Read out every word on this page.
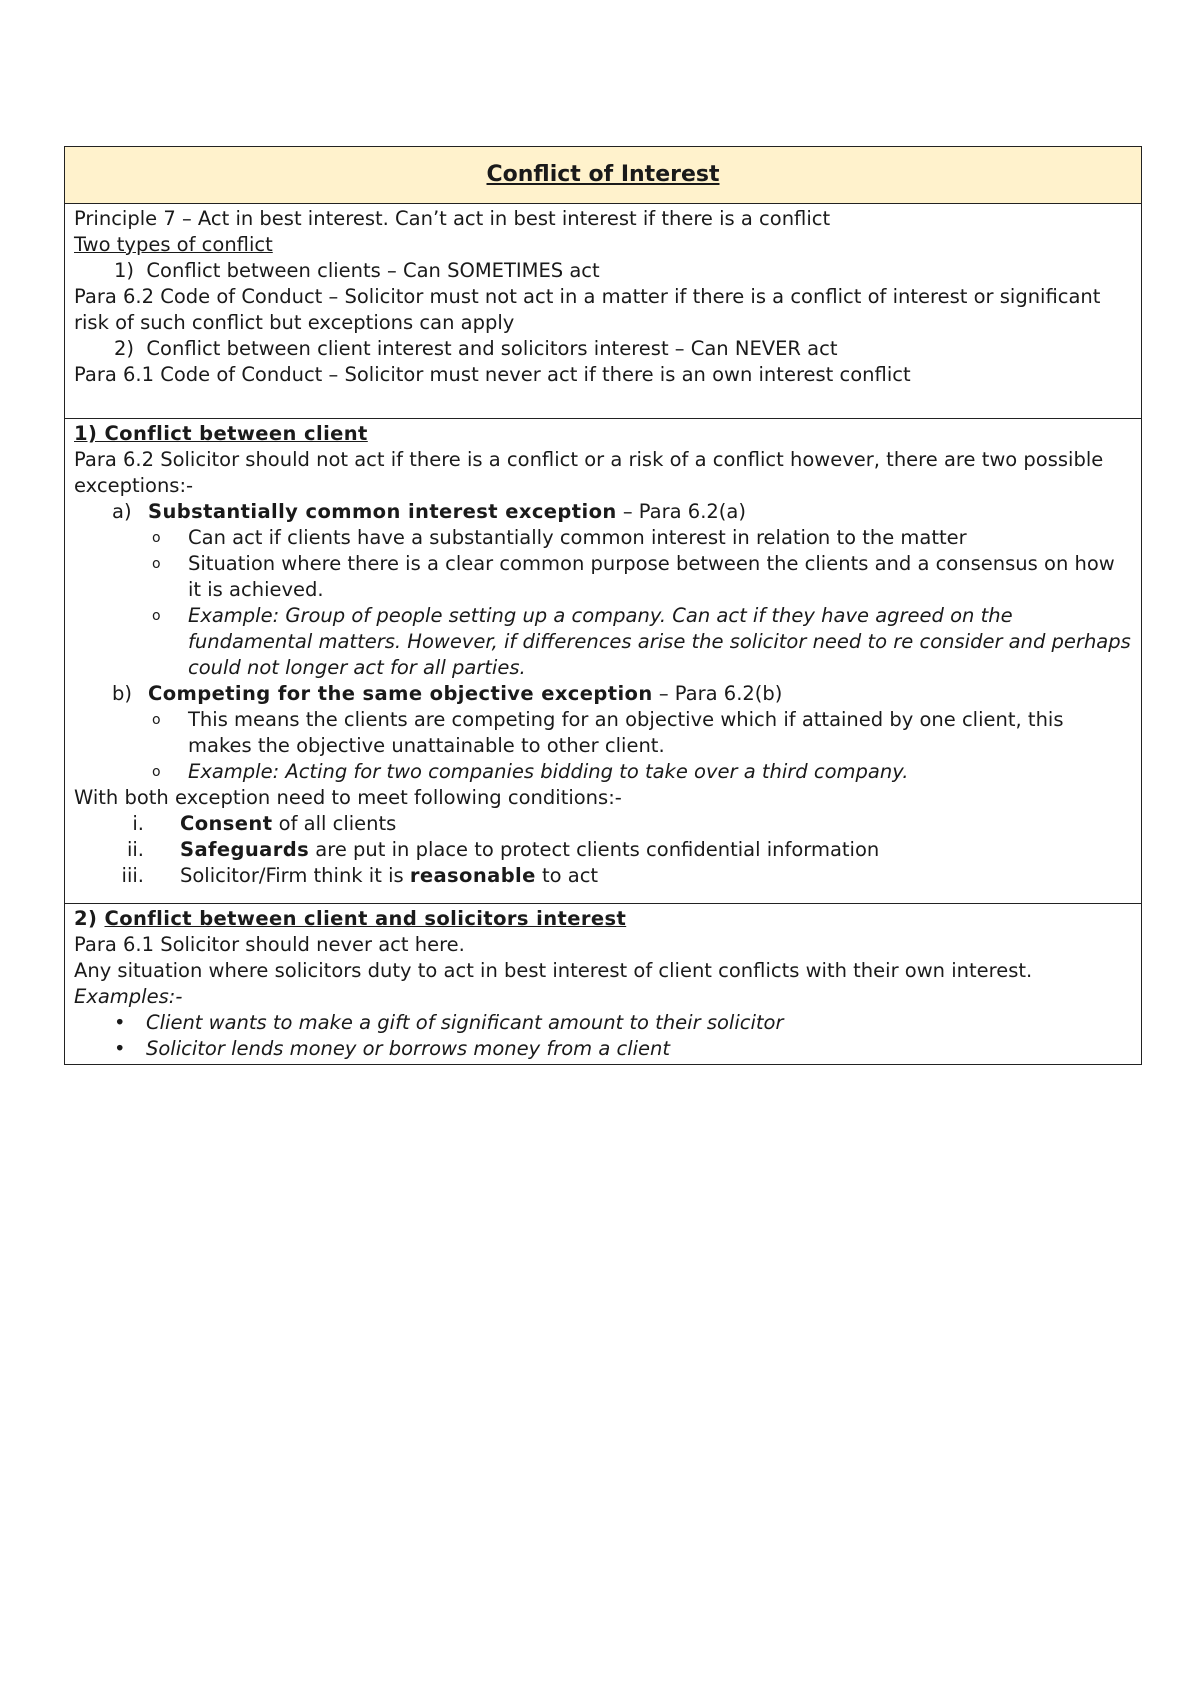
Conflict of Interest

Principle 7 – Act in best interest. Can’t act in best interest if there is a conflict
Two types of conflict
1) Conflict between clients – Can SOMETIMES act
Para 6.2 Code of Conduct – Solicitor must not act in a matter if there is a conflict of interest or significant risk of such conflict but exceptions can apply
2) Conflict between client interest and solicitors interest – Can NEVER act
Para 6.1 Code of Conduct – Solicitor must never act if there is an own interest conflict

1) Conflict between client
Para 6.2 Solicitor should not act if there is a conflict or a risk of a conflict however, there are two possible exceptions:-
a) Substantially common interest exception – Para 6.2(a)
o	Can act if clients have a substantially common interest in relation to the matter
o	Situation where there is a clear common purpose between the clients and a consensus on how it is achieved.
o	Example: Group of people setting up a company. Can act if they have agreed on the fundamental matters. However, if differences arise the solicitor need to re consider and perhaps could not longer act for all parties.
b) Competing for the same objective exception – Para 6.2(b)
o	This means the clients are competing for an objective which if attained by one client, this makes the objective unattainable to other client.
o	Example: Acting for two companies bidding to take over a third company.
With both exception need to meet following conditions:-
i.	Consent of all clients
ii.	Safeguards are put in place to protect clients confidential information
iii.	Solicitor/Firm think it is reasonable to act

2) Conflict between client and solicitors interest
Para 6.1 Solicitor should never act here.
Any situation where solicitors duty to act in best interest of client conflicts with their own interest.
Examples:-
•	Client wants to make a gift of significant amount to their solicitor
•	Solicitor lends money or borrows money from a client
